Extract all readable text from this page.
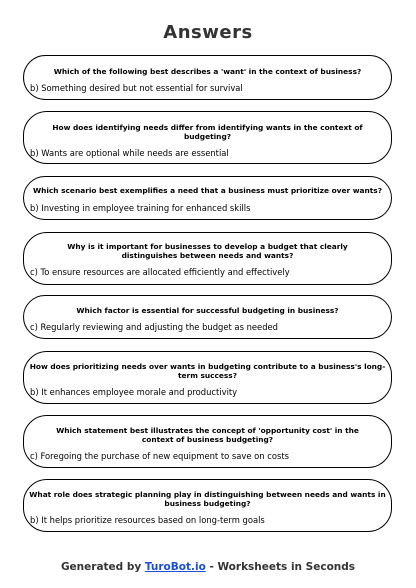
Answers
Which of the following best describes a 'want' in the context of business?
b) Something desired but not essential for survival
How does identifying needs differ from identifying wants in the context of budgeting?
b) Wants are optional while needs are essential
Which scenario best exemplifies a need that a business must prioritize over wants?
b) Investing in employee training for enhanced skills
Why is it important for businesses to develop a budget that clearly distinguishes between needs and wants?
c) To ensure resources are allocated efficiently and effectively
Which factor is essential for successful budgeting in business?
c) Regularly reviewing and adjusting the budget as needed
How does prioritizing needs over wants in budgeting contribute to a business's long-term success?
b) It enhances employee morale and productivity
Which statement best illustrates the concept of 'opportunity cost' in the context of business budgeting?
c) Foregoing the purchase of new equipment to save on costs
What role does strategic planning play in distinguishing between needs and wants in business budgeting?
b) It helps prioritize resources based on long-term goals
Generated by TuroBot.io - Worksheets in Seconds
